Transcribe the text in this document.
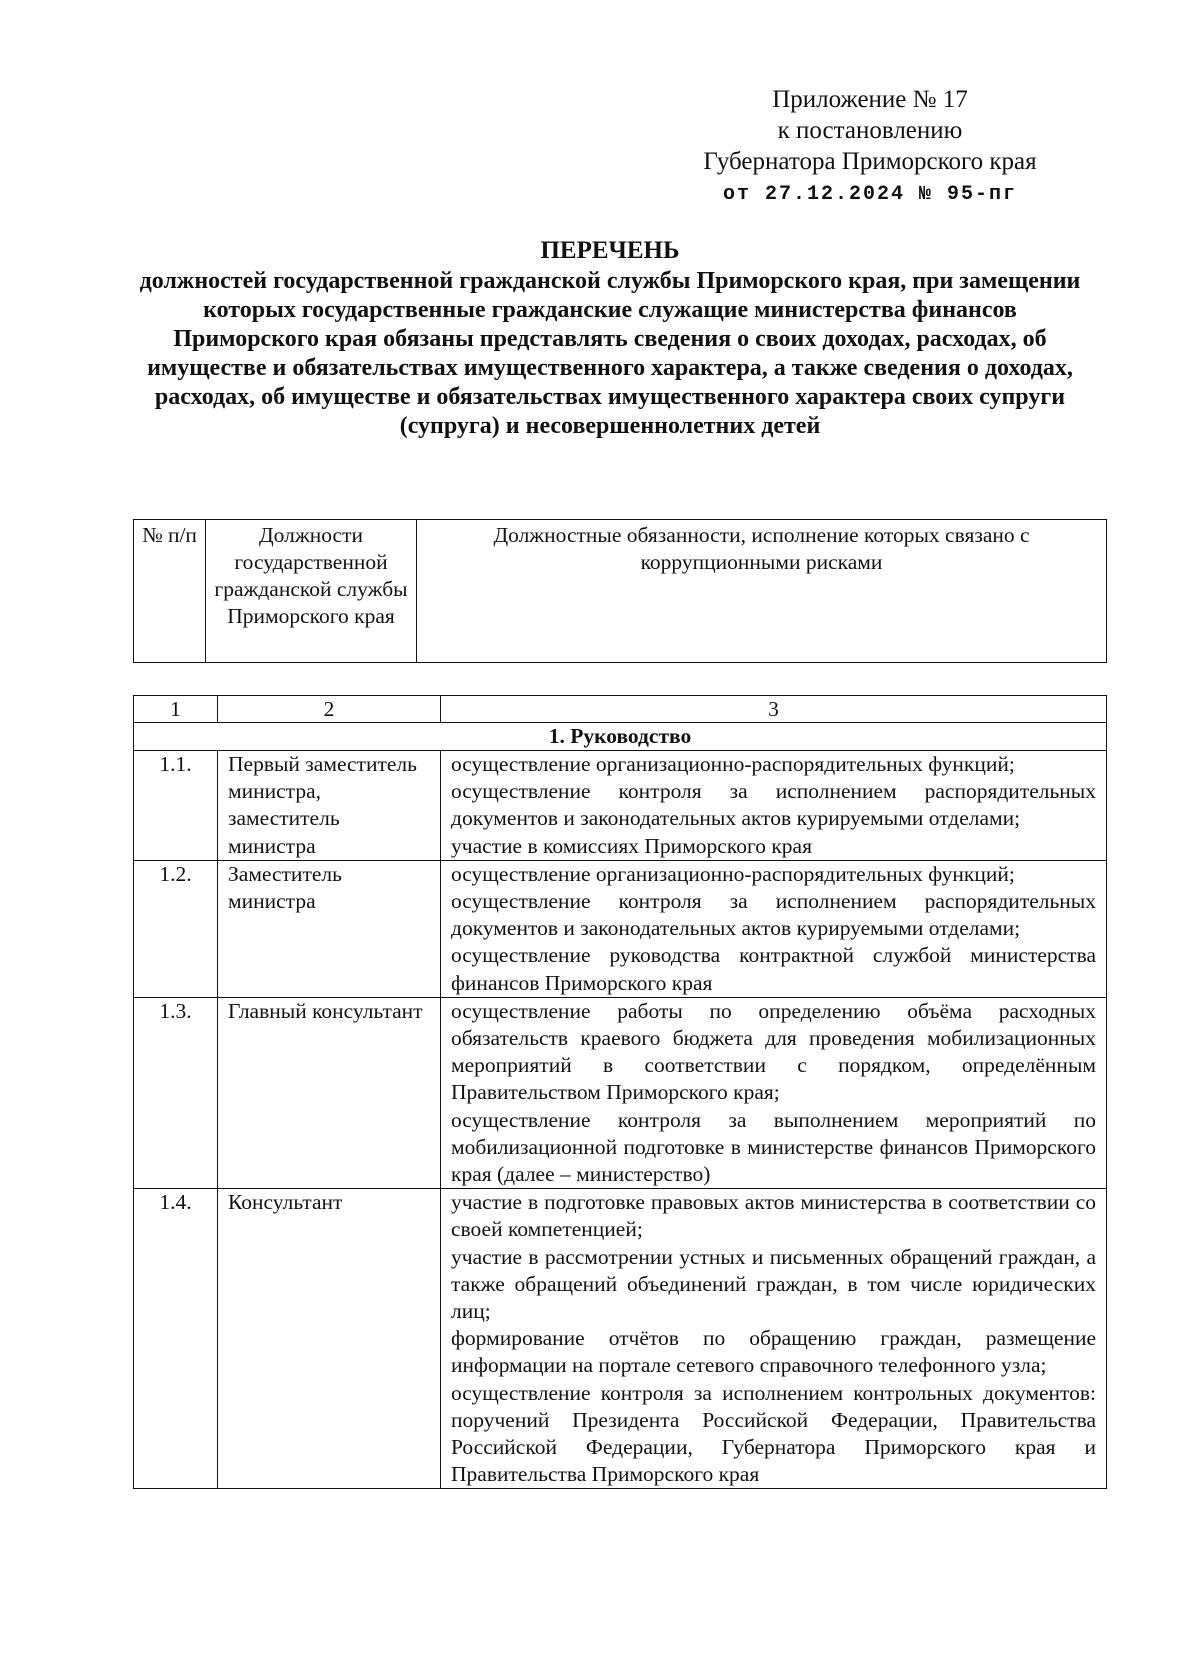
Приложение № 17
к постановлению
Губернатора Приморского края
от 27.12.2024 № 95-пг
ПЕРЕЧЕНЬ
должностей государственной гражданской службы Приморского края, при замещении которых государственные гражданские служащие министерства финансов Приморского края обязаны представлять сведения о своих доходах, расходах, об имуществе и обязательствах имущественного характера, а также сведения о доходах, расходах, об имуществе и обязательствах имущественного характера своих супруги (супруга) и несовершеннолетних детей
№ п/п	Должности государственной гражданской службы Приморского края	Должностные обязанности, исполнение которых связано с коррупционными рисками
1	2	3
1. Руководство		
1.1.	Первый заместитель министра, заместитель министра	осуществление организационно-распорядительных функций;
осуществление контроля за исполнением распорядительных документов и законодательных актов курируемыми отделами;
участие в комиссиях Приморского края

1.2.	Заместитель министра	осуществление организационно-распорядительных функций;
осуществление контроля за исполнением распорядительных документов и законодательных актов курируемыми отделами;
осуществление руководства контрактной службой министерства финансов Приморского края

1.3.	Главный консультант	осуществление работы по определению объёма расходных обязательств краевого бюджета для проведения мобилизационных мероприятий в соответствии с порядком, определённым Правительством Приморского края;
осуществление контроля за выполнением мероприятий по мобилизационной подготовке в министерстве финансов Приморского края (далее – министерство)

1.4.	Консультант	участие в подготовке правовых актов министерства в соответствии со своей компетенцией;
участие в рассмотрении устных и письменных обращений граждан, а также обращений объединений граждан, в том числе юридических лиц;
формирование отчётов по обращению граждан, размещение информации на портале сетевого справочного телефонного узла;
осуществление контроля за исполнением контрольных документов: поручений Президента Российской Федерации, Правительства Российской Федерации, Губернатора Приморского края и Правительства Приморского края
